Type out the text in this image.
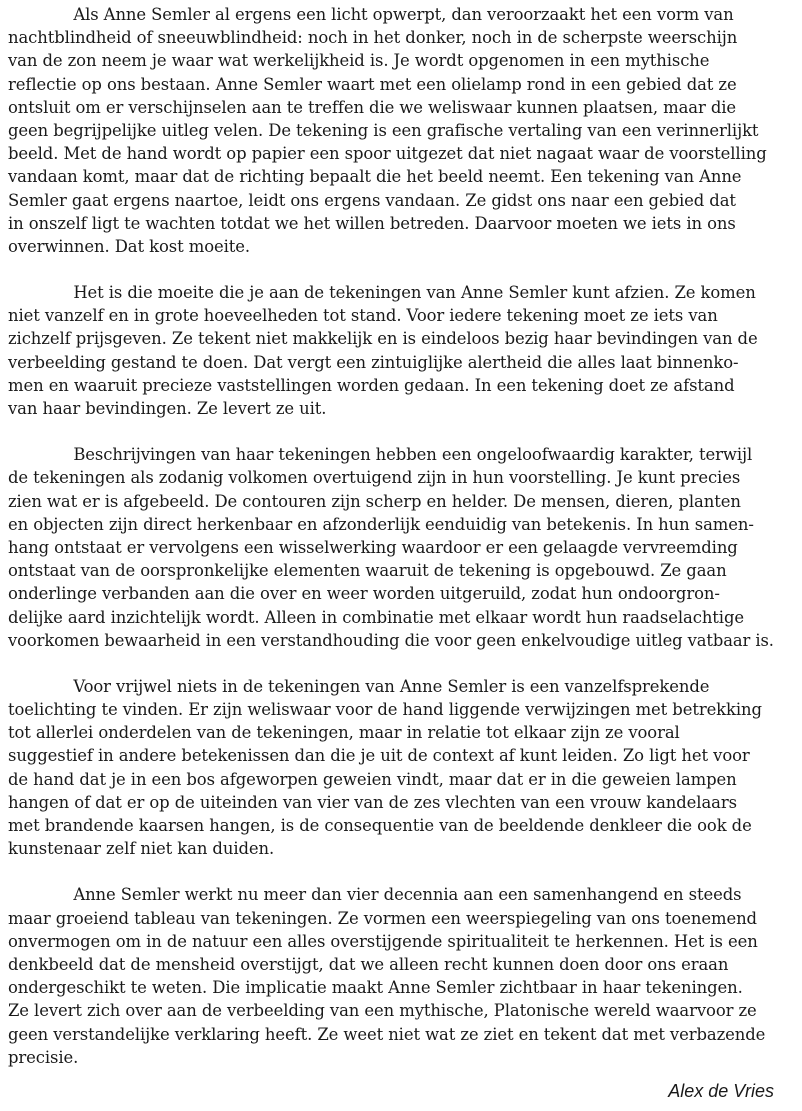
Als Anne Semler al ergens een licht opwerpt, dan veroorzaakt het een vorm van
nachtblindheid of sneeuwblindheid: noch in het donker, noch in de scherpste weerschijn
van de zon neem je waar wat werkelijkheid is. Je wordt opgenomen in een mythische
reflectie op ons bestaan. Anne Semler waart met een olielamp rond in een gebied dat ze
ontsluit om er verschijnselen aan te treffen die we weliswaar kunnen plaatsen, maar die
geen begrijpelijke uitleg velen. De tekening is een grafische vertaling van een verinnerlijkt
beeld. Met de hand wordt op papier een spoor uitgezet dat niet nagaat waar de voorstelling
vandaan komt, maar dat de richting bepaalt die het beeld neemt. Een tekening van Anne
Semler gaat ergens naartoe, leidt ons ergens vandaan. Ze gidst ons naar een gebied dat
in onszelf ligt te wachten totdat we het willen betreden. Daarvoor moeten we iets in ons
overwinnen. Dat kost moeite.
Het is die moeite die je aan de tekeningen van Anne Semler kunt afzien. Ze komen
niet vanzelf en in grote hoeveelheden tot stand. Voor iedere tekening moet ze iets van
zichzelf prijsgeven. Ze tekent niet makkelijk en is eindeloos bezig haar bevindingen van de
verbeelding gestand te doen. Dat vergt een zintuiglijke alertheid die alles laat binnenko-
men en waaruit precieze vaststellingen worden gedaan. In een tekening doet ze afstand
van haar bevindingen. Ze levert ze uit.
Beschrijvingen van haar tekeningen hebben een ongeloofwaardig karakter, terwijl
de tekeningen als zodanig volkomen overtuigend zijn in hun voorstelling. Je kunt precies
zien wat er is afgebeeld. De contouren zijn scherp en helder. De mensen, dieren, planten
en objecten zijn direct herkenbaar en afzonderlijk eenduidig van betekenis. In hun samen-
hang ontstaat er vervolgens een wisselwerking waardoor er een gelaagde vervreemding
ontstaat van de oorspronkelijke elementen waaruit de tekening is opgebouwd. Ze gaan
onderlinge verbanden aan die over en weer worden uitgeruild, zodat hun ondoorgron-
delijke aard inzichtelijk wordt. Alleen in combinatie met elkaar wordt hun raadselachtige
voorkomen bewaarheid in een verstandhouding die voor geen enkelvoudige uitleg vatbaar is.
Voor vrijwel niets in de tekeningen van Anne Semler is een vanzelfsprekende
toelichting te vinden. Er zijn weliswaar voor de hand liggende verwijzingen met betrekking
tot allerlei onderdelen van de tekeningen, maar in relatie tot elkaar zijn ze vooral
suggestief in andere betekenissen dan die je uit de context af kunt leiden. Zo ligt het voor
de hand dat je in een bos afgeworpen geweien vindt, maar dat er in die geweien lampen
hangen of dat er op de uiteinden van vier van de zes vlechten van een vrouw kandelaars
met brandende kaarsen hangen, is de consequentie van de beeldende denkleer die ook de
kunstenaar zelf niet kan duiden.
Anne Semler werkt nu meer dan vier decennia aan een samenhangend en steeds
maar groeiend tableau van tekeningen. Ze vormen een weerspiegeling van ons toenemend
onvermogen om in de natuur een alles overstijgende spiritualiteit te herkennen. Het is een
denkbeeld dat de mensheid overstijgt, dat we alleen recht kunnen doen door ons eraan
ondergeschikt te weten. Die implicatie maakt Anne Semler zichtbaar in haar tekeningen.
Ze levert zich over aan de verbeelding van een mythische, Platonische wereld waarvoor ze
geen verstandelijke verklaring heeft. Ze weet niet wat ze ziet en tekent dat met verbazende
precisie.
Alex de Vries
